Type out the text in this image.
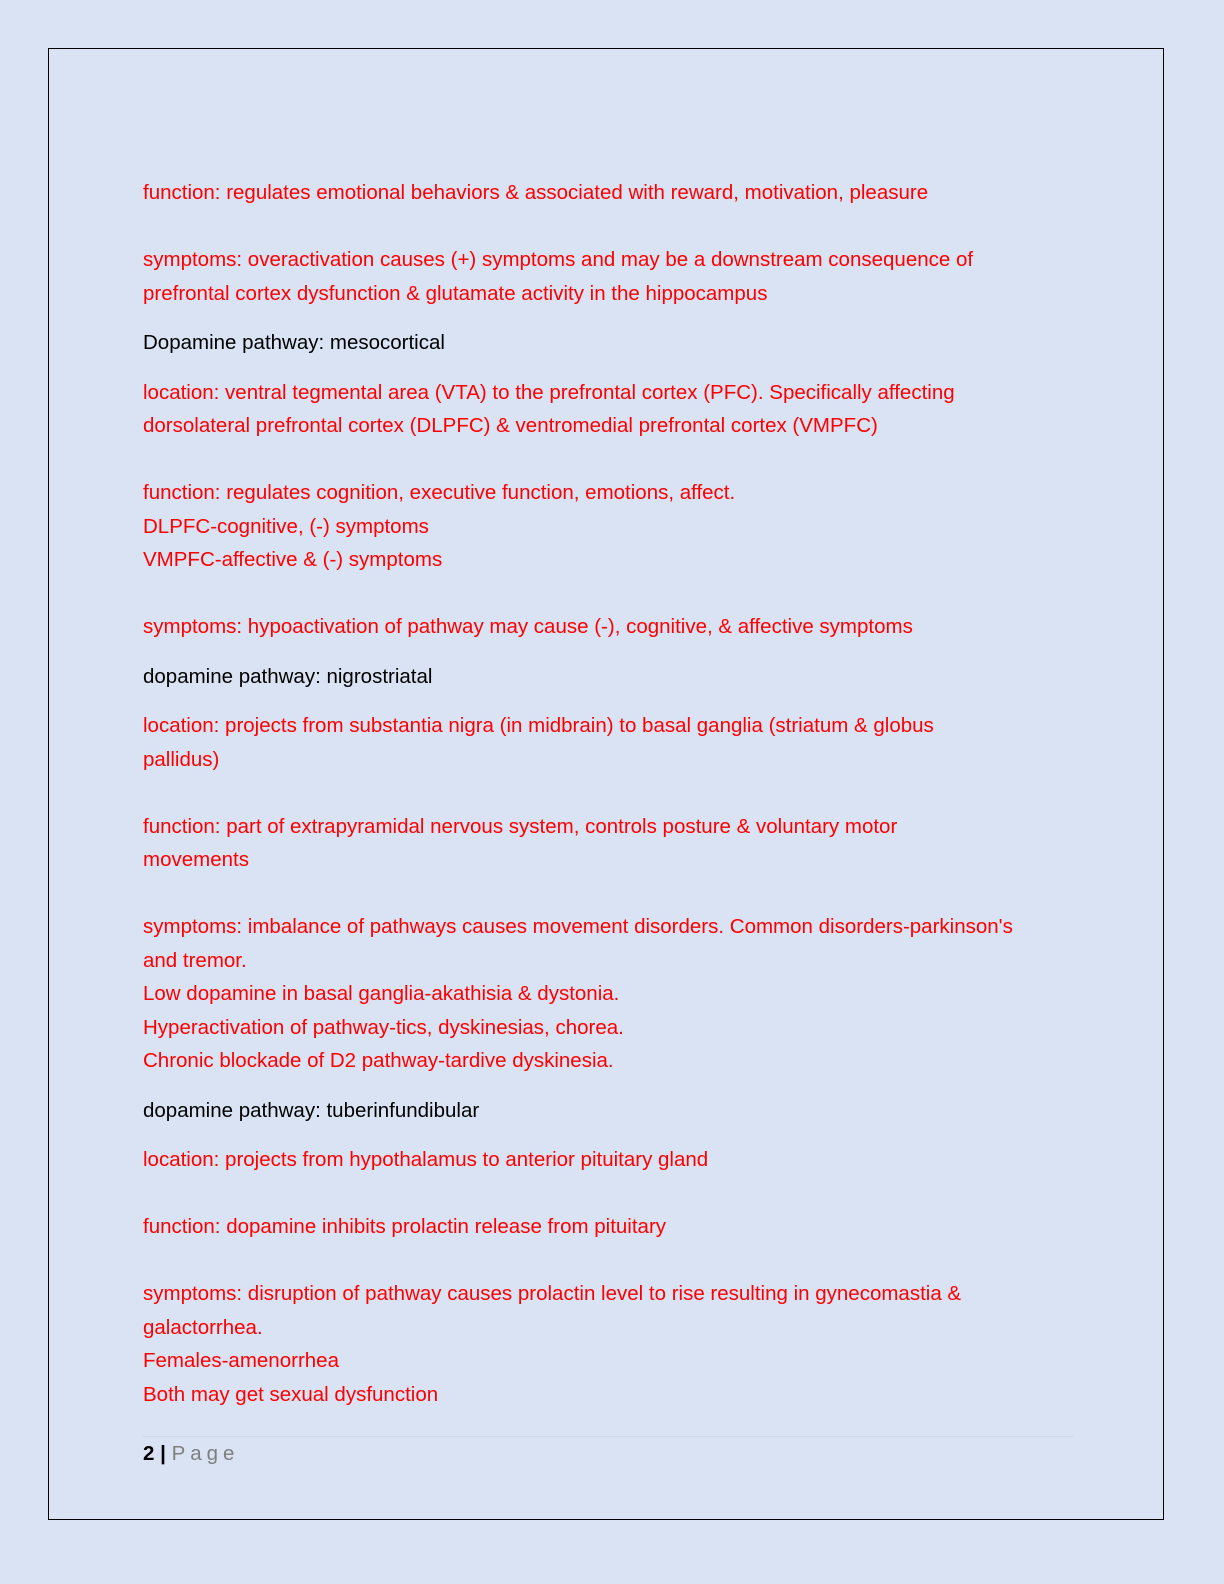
function: regulates emotional behaviors & associated with reward, motivation, pleasure

symptoms: overactivation causes (+) symptoms and may be a downstream consequence of

prefrontal cortex dysfunction & glutamate activity in the hippocampus

Dopamine pathway: mesocortical

location: ventral tegmental area (VTA) to the prefrontal cortex (PFC). Specifically affecting

dorsolateral prefrontal cortex (DLPFC) & ventromedial prefrontal cortex (VMPFC)

function: regulates cognition, executive function, emotions, affect.

DLPFC-cognitive, (-) symptoms

VMPFC-affective & (-) symptoms

symptoms: hypoactivation of pathway may cause (-), cognitive, & affective symptoms

dopamine pathway: nigrostriatal

location: projects from substantia nigra (in midbrain) to basal ganglia (striatum & globus

pallidus)

function: part of extrapyramidal nervous system, controls posture & voluntary motor

movements

symptoms: imbalance of pathways causes movement disorders. Common disorders-parkinson's

and tremor.

Low dopamine in basal ganglia-akathisia & dystonia.

Hyperactivation of pathway-tics, dyskinesias, chorea.

Chronic blockade of D2 pathway-tardive dyskinesia.

dopamine pathway: tuberinfundibular

location: projects from hypothalamus to anterior pituitary gland

function: dopamine inhibits prolactin release from pituitary

symptoms: disruption of pathway causes prolactin level to rise resulting in gynecomastia &

galactorrhea.

Females-amenorrhea

Both may get sexual dysfunction

2 | Page
